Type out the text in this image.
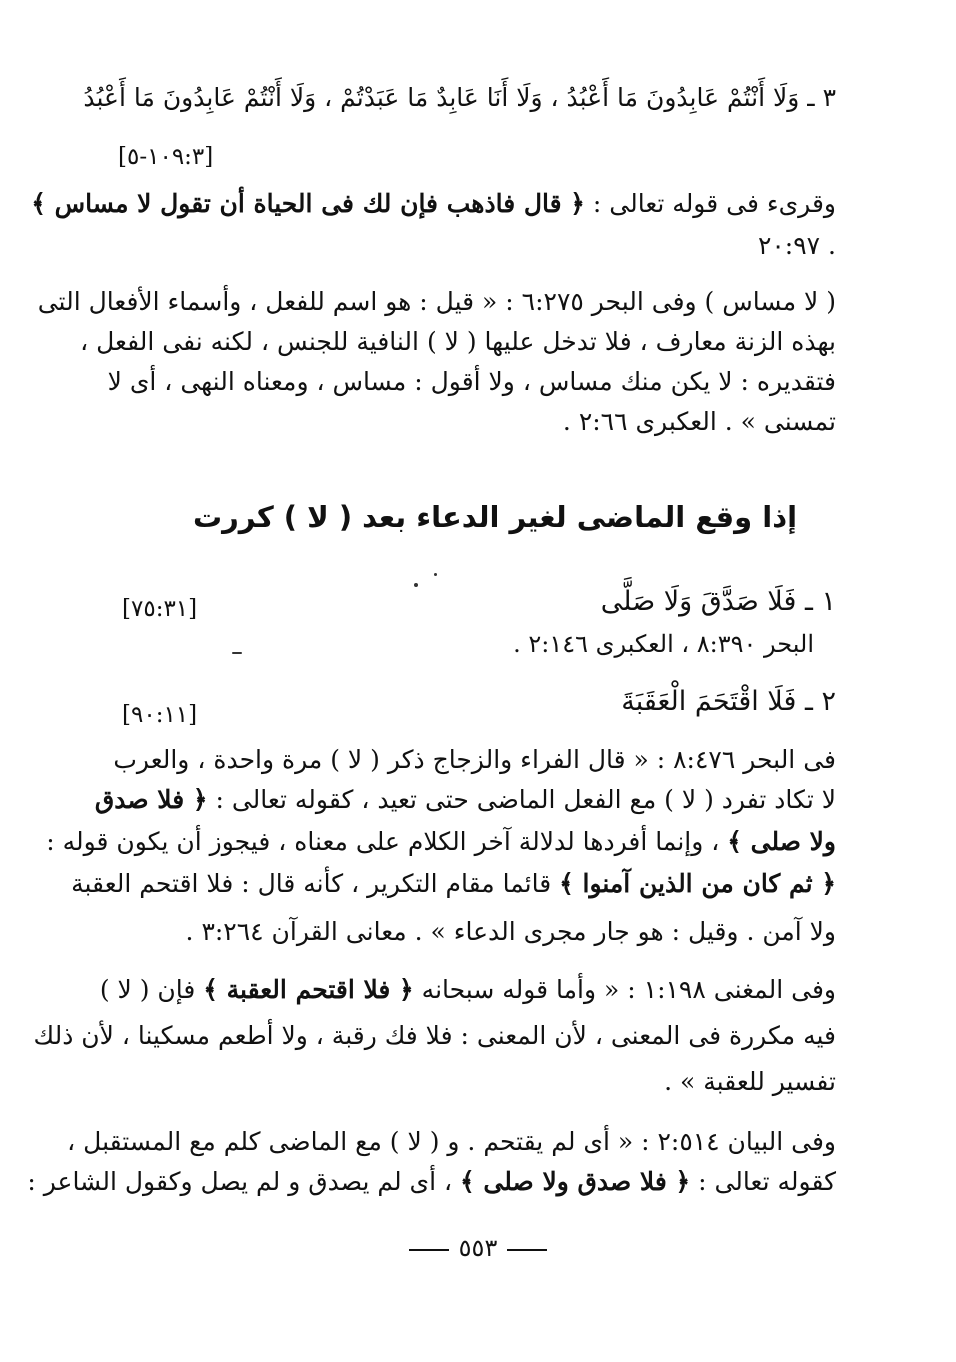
٣ ـ وَلَا أَنْتُمْ عَابِدُونَ مَا أَعْبُدُ ، وَلَا أَنَا عَابِدٌ مَا عَبَدْتُمْ ، وَلَا أَنْتُمْ عَابِدُونَ مَا أَعْبُدُ
[١٠٩:٣-٥]
وقرىء فى قوله تعالى : ﴿ قال فاذهب فإن لك فى الحياة أن تقول لا مساس ﴾
. ٢٠:٩٧
( لا مساس ) وفى البحر ٦:٢٧٥ : « قيل : هو اسم للفعل ، وأسماء الأفعال التى
بهذه الزنة معارف ، فلا تدخل عليها ( لا ) النافية للجنس ، لكنه نفى الفعل ،
فتقديره : لا يكن منك مساس ، ولا أقول : مساس ، ومعناه النهى ، أى لا
تمسنى » . العكبرى ٢:٦٦ .
إذا وقع الماضى لغير الدعاء بعد ( لا ) كررت
١ ـ فَلَا صَدَّقَ وَلَا صَلَّى
[٧٥:٣١]
البحر ٨:٣٩٠ ، العكبرى ٢:١٤٦ .
٢ ـ فَلَا اقْتَحَمَ الْعَقَبَةَ
[٩٠:١١]
فى البحر ٨:٤٧٦ : « قال الفراء والزجاج ذكر ( لا ) مرة واحدة ، والعرب
لا تكاد تفرد ( لا ) مع الفعل الماضى حتى تعيد ، كقوله تعالى : ﴿ فلا صدق
ولا صلى ﴾ ، وإنما أفردها لدلالة آخر الكلام على معناه ، فيجوز أن يكون قوله :
﴿ ثم كان من الذين آمنوا ﴾ قائما مقام التكرير ، كأنه قال : فلا اقتحم العقبة
ولا آمن . وقيل : هو جار مجرى الدعاء » . معانى القرآن ٣:٢٦٤ .
وفى المغنى ١:١٩٨ : « وأما قوله سبحانه ﴿ فلا اقتحم العقبة ﴾ فإن ( لا )
فيه مكررة فى المعنى ، لأن المعنى : فلا فك رقبة ، ولا أطعم مسكينا ، لأن ذلك
تفسير للعقبة » .
وفى البيان ٢:٥١٤ : « أى لم يقتحم . و ( لا ) مع الماضى كلم مع المستقبل ،
كقوله تعالى : ﴿ فلا صدق ولا صلى ﴾ ، أى لم يصدق و لم يصل وكقول الشاعر :
٥٥٣
